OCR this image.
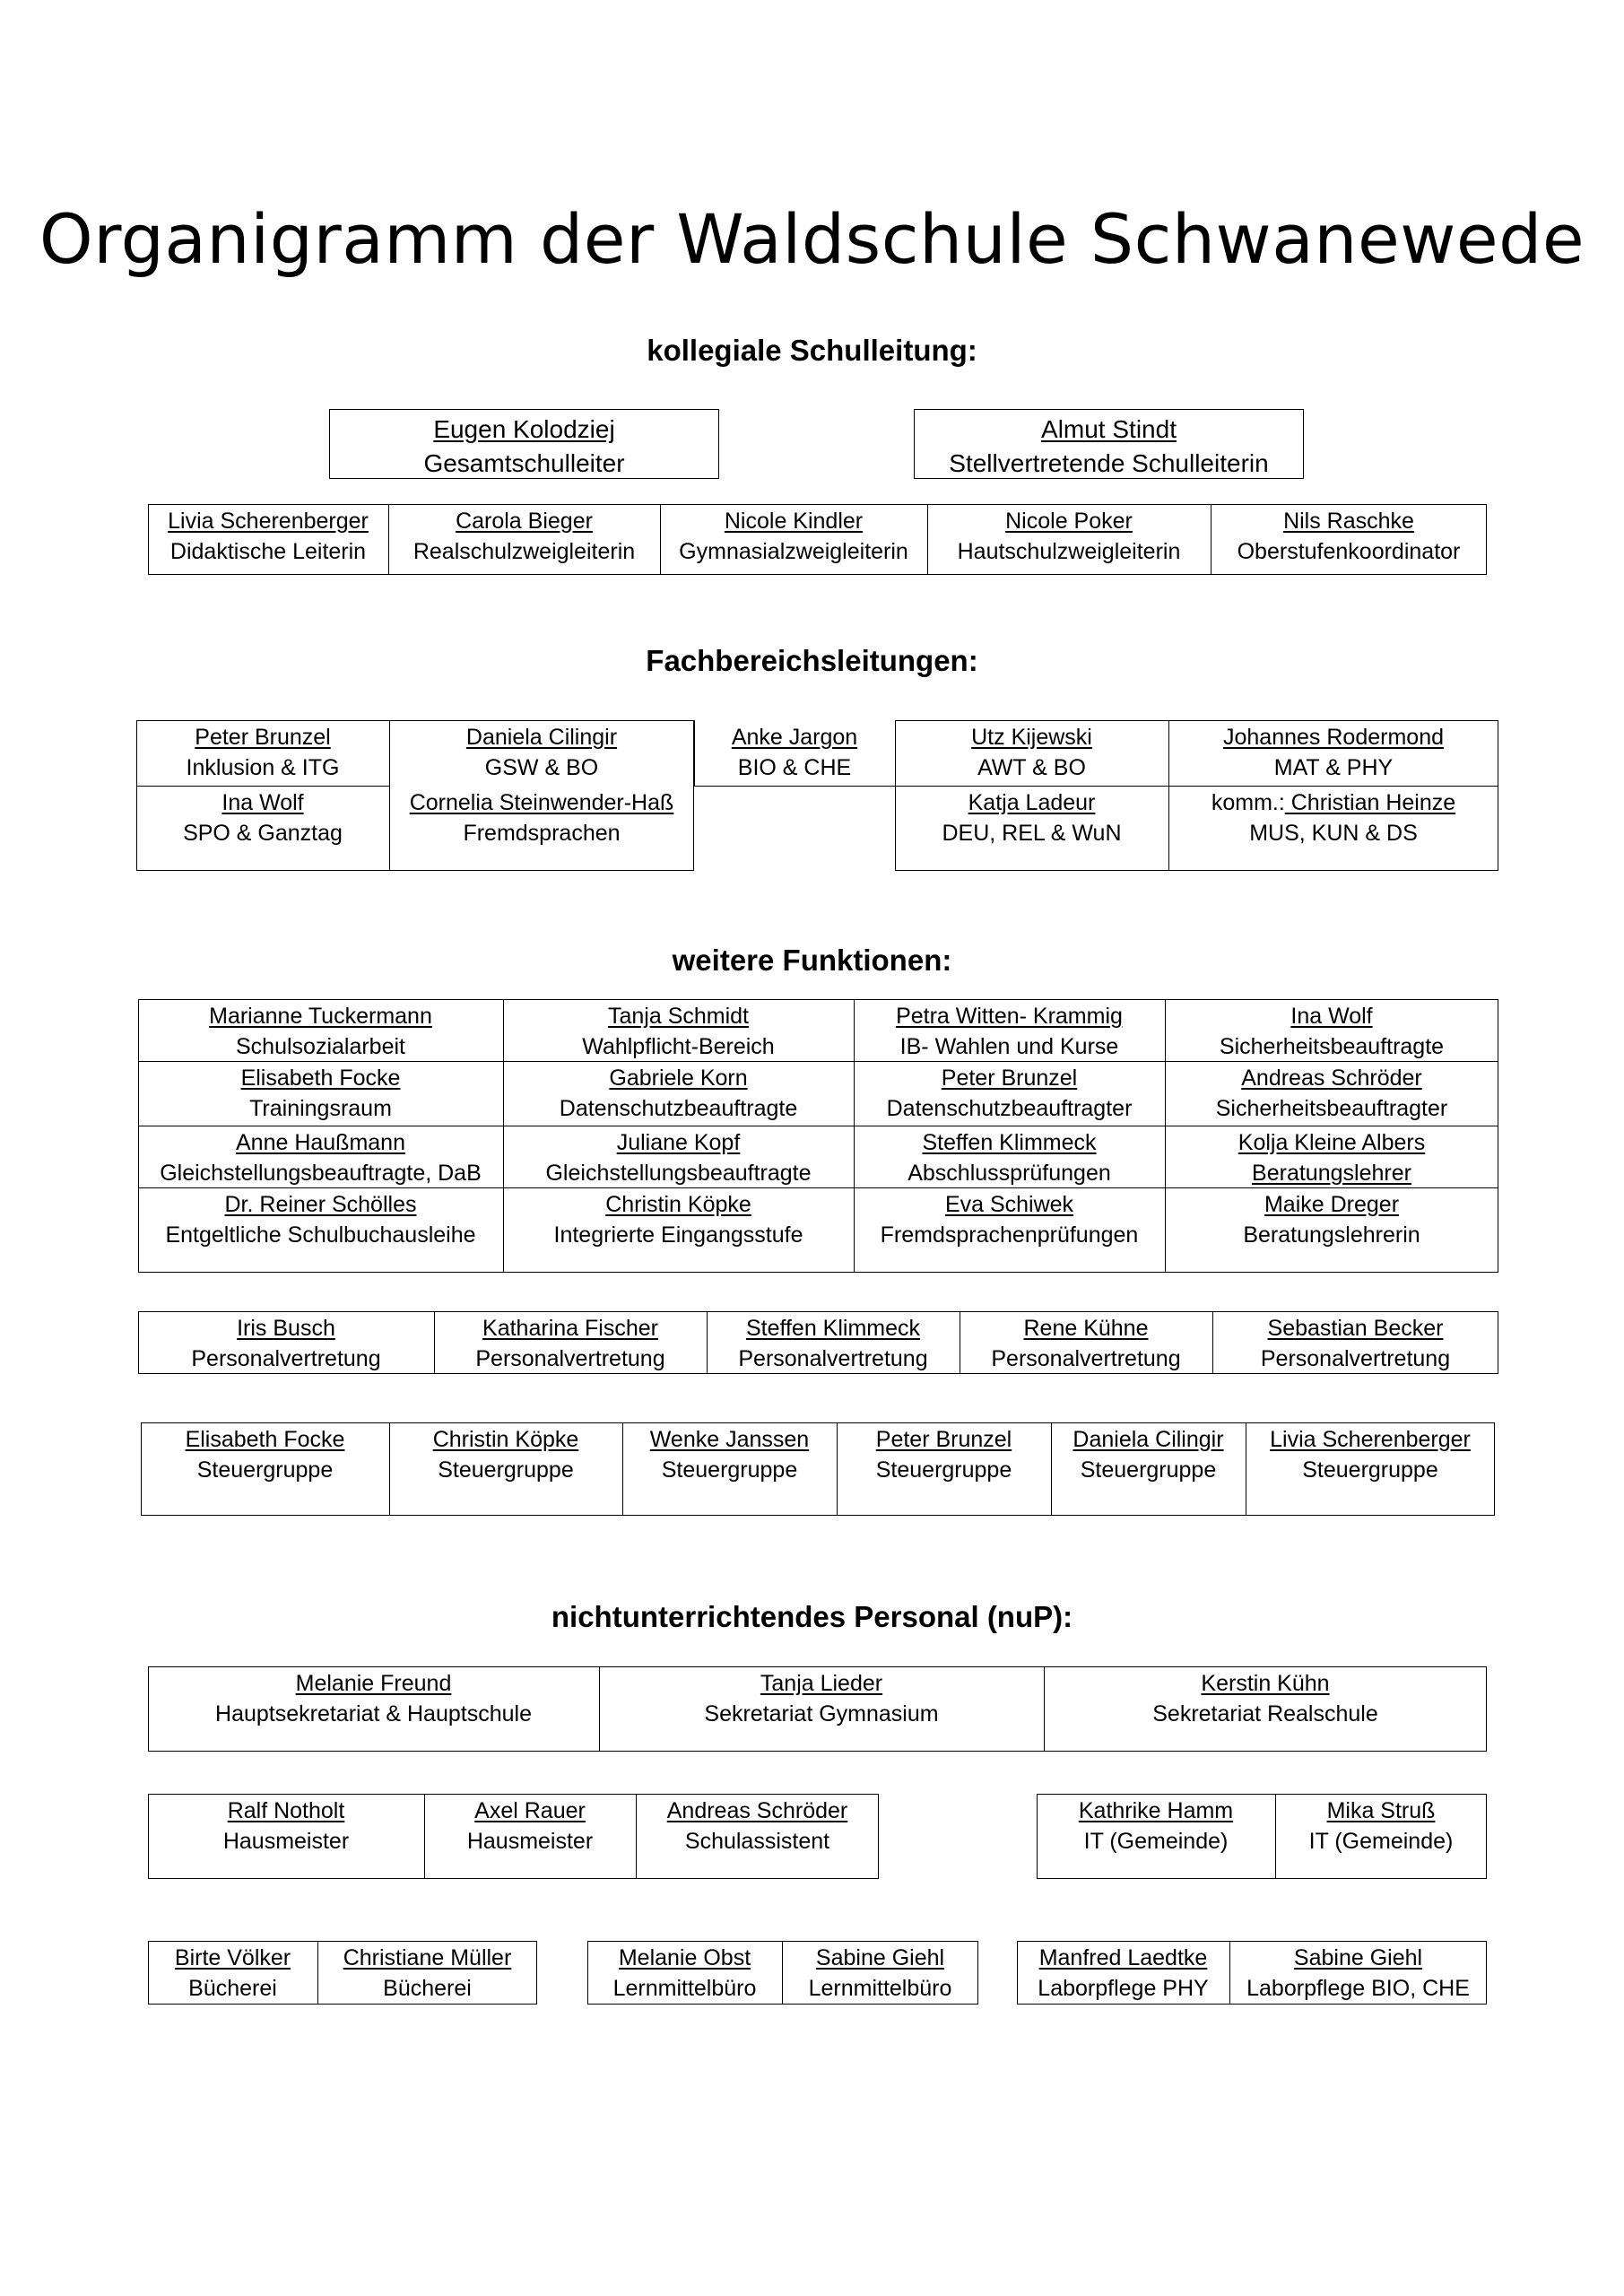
Organigramm der Waldschule Schwanewede
kollegiale Schulleitung:
Eugen Kolodziej
Gesamtschulleiter
Almut Stindt
Stellvertretende Schulleiterin
Livia Scherenberger
Didaktische Leiterin
Carola Bieger
Realschulzweigleiterin
Nicole Kindler
Gymnasialzweigleiterin
Nicole Poker
Hautschulzweigleiterin
Nils Raschke
Oberstufenkoordinator
Fachbereichsleitungen:
Peter Brunzel
Inklusion & ITG
Daniela Cilingir
GSW & BO
Anke Jargon
BIO & CHE
Utz Kijewski
AWT & BO
Johannes Rodermond
MAT & PHY
Ina Wolf
SPO & Ganztag
Cornelia Steinwender-Haß
Fremdsprachen
Katja Ladeur
DEU, REL & WuN
komm.: Christian Heinze
MUS, KUN & DS
weitere Funktionen:
Marianne Tuckermann
Schulsozialarbeit
Tanja Schmidt
Wahlpflicht-Bereich
Petra Witten- Krammig
IB- Wahlen und Kurse
Ina Wolf
Sicherheitsbeauftragte
Elisabeth Focke
Trainingsraum
Gabriele Korn
Datenschutzbeauftragte
Peter Brunzel
Datenschutzbeauftragter
Andreas Schröder
Sicherheitsbeauftragter
Anne Haußmann
Gleichstellungsbeauftragte, DaB
Juliane Kopf
Gleichstellungsbeauftragte
Steffen Klimmeck
Abschlussprüfungen
Kolja Kleine Albers
Beratungslehrer
Dr. Reiner Schölles
Entgeltliche Schulbuchausleihe
Christin Köpke
Integrierte Eingangsstufe
Eva Schiwek
Fremdsprachenprüfungen
Maike Dreger
Beratungslehrerin
Iris Busch
Personalvertretung
Katharina Fischer
Personalvertretung
Steffen Klimmeck
Personalvertretung
Rene Kühne
Personalvertretung
Sebastian Becker
Personalvertretung
Elisabeth Focke
Steuergruppe
Christin Köpke
Steuergruppe
Wenke Janssen
Steuergruppe
Peter Brunzel
Steuergruppe
Daniela Cilingir
Steuergruppe
Livia Scherenberger
Steuergruppe
nichtunterrichtendes Personal (nuP):
Melanie Freund
Hauptsekretariat & Hauptschule
Tanja Lieder
Sekretariat Gymnasium
Kerstin Kühn
Sekretariat Realschule
Ralf Notholt
Hausmeister
Axel Rauer
Hausmeister
Andreas Schröder
Schulassistent
Kathrike Hamm
IT (Gemeinde)
Mika Struß
IT (Gemeinde)
Birte Völker
Bücherei
Christiane Müller
Bücherei
Melanie Obst
Lernmittelbüro
Sabine Giehl
Lernmittelbüro
Manfred Laedtke
Laborpflege PHY
Sabine Giehl
Laborpflege BIO, CHE
